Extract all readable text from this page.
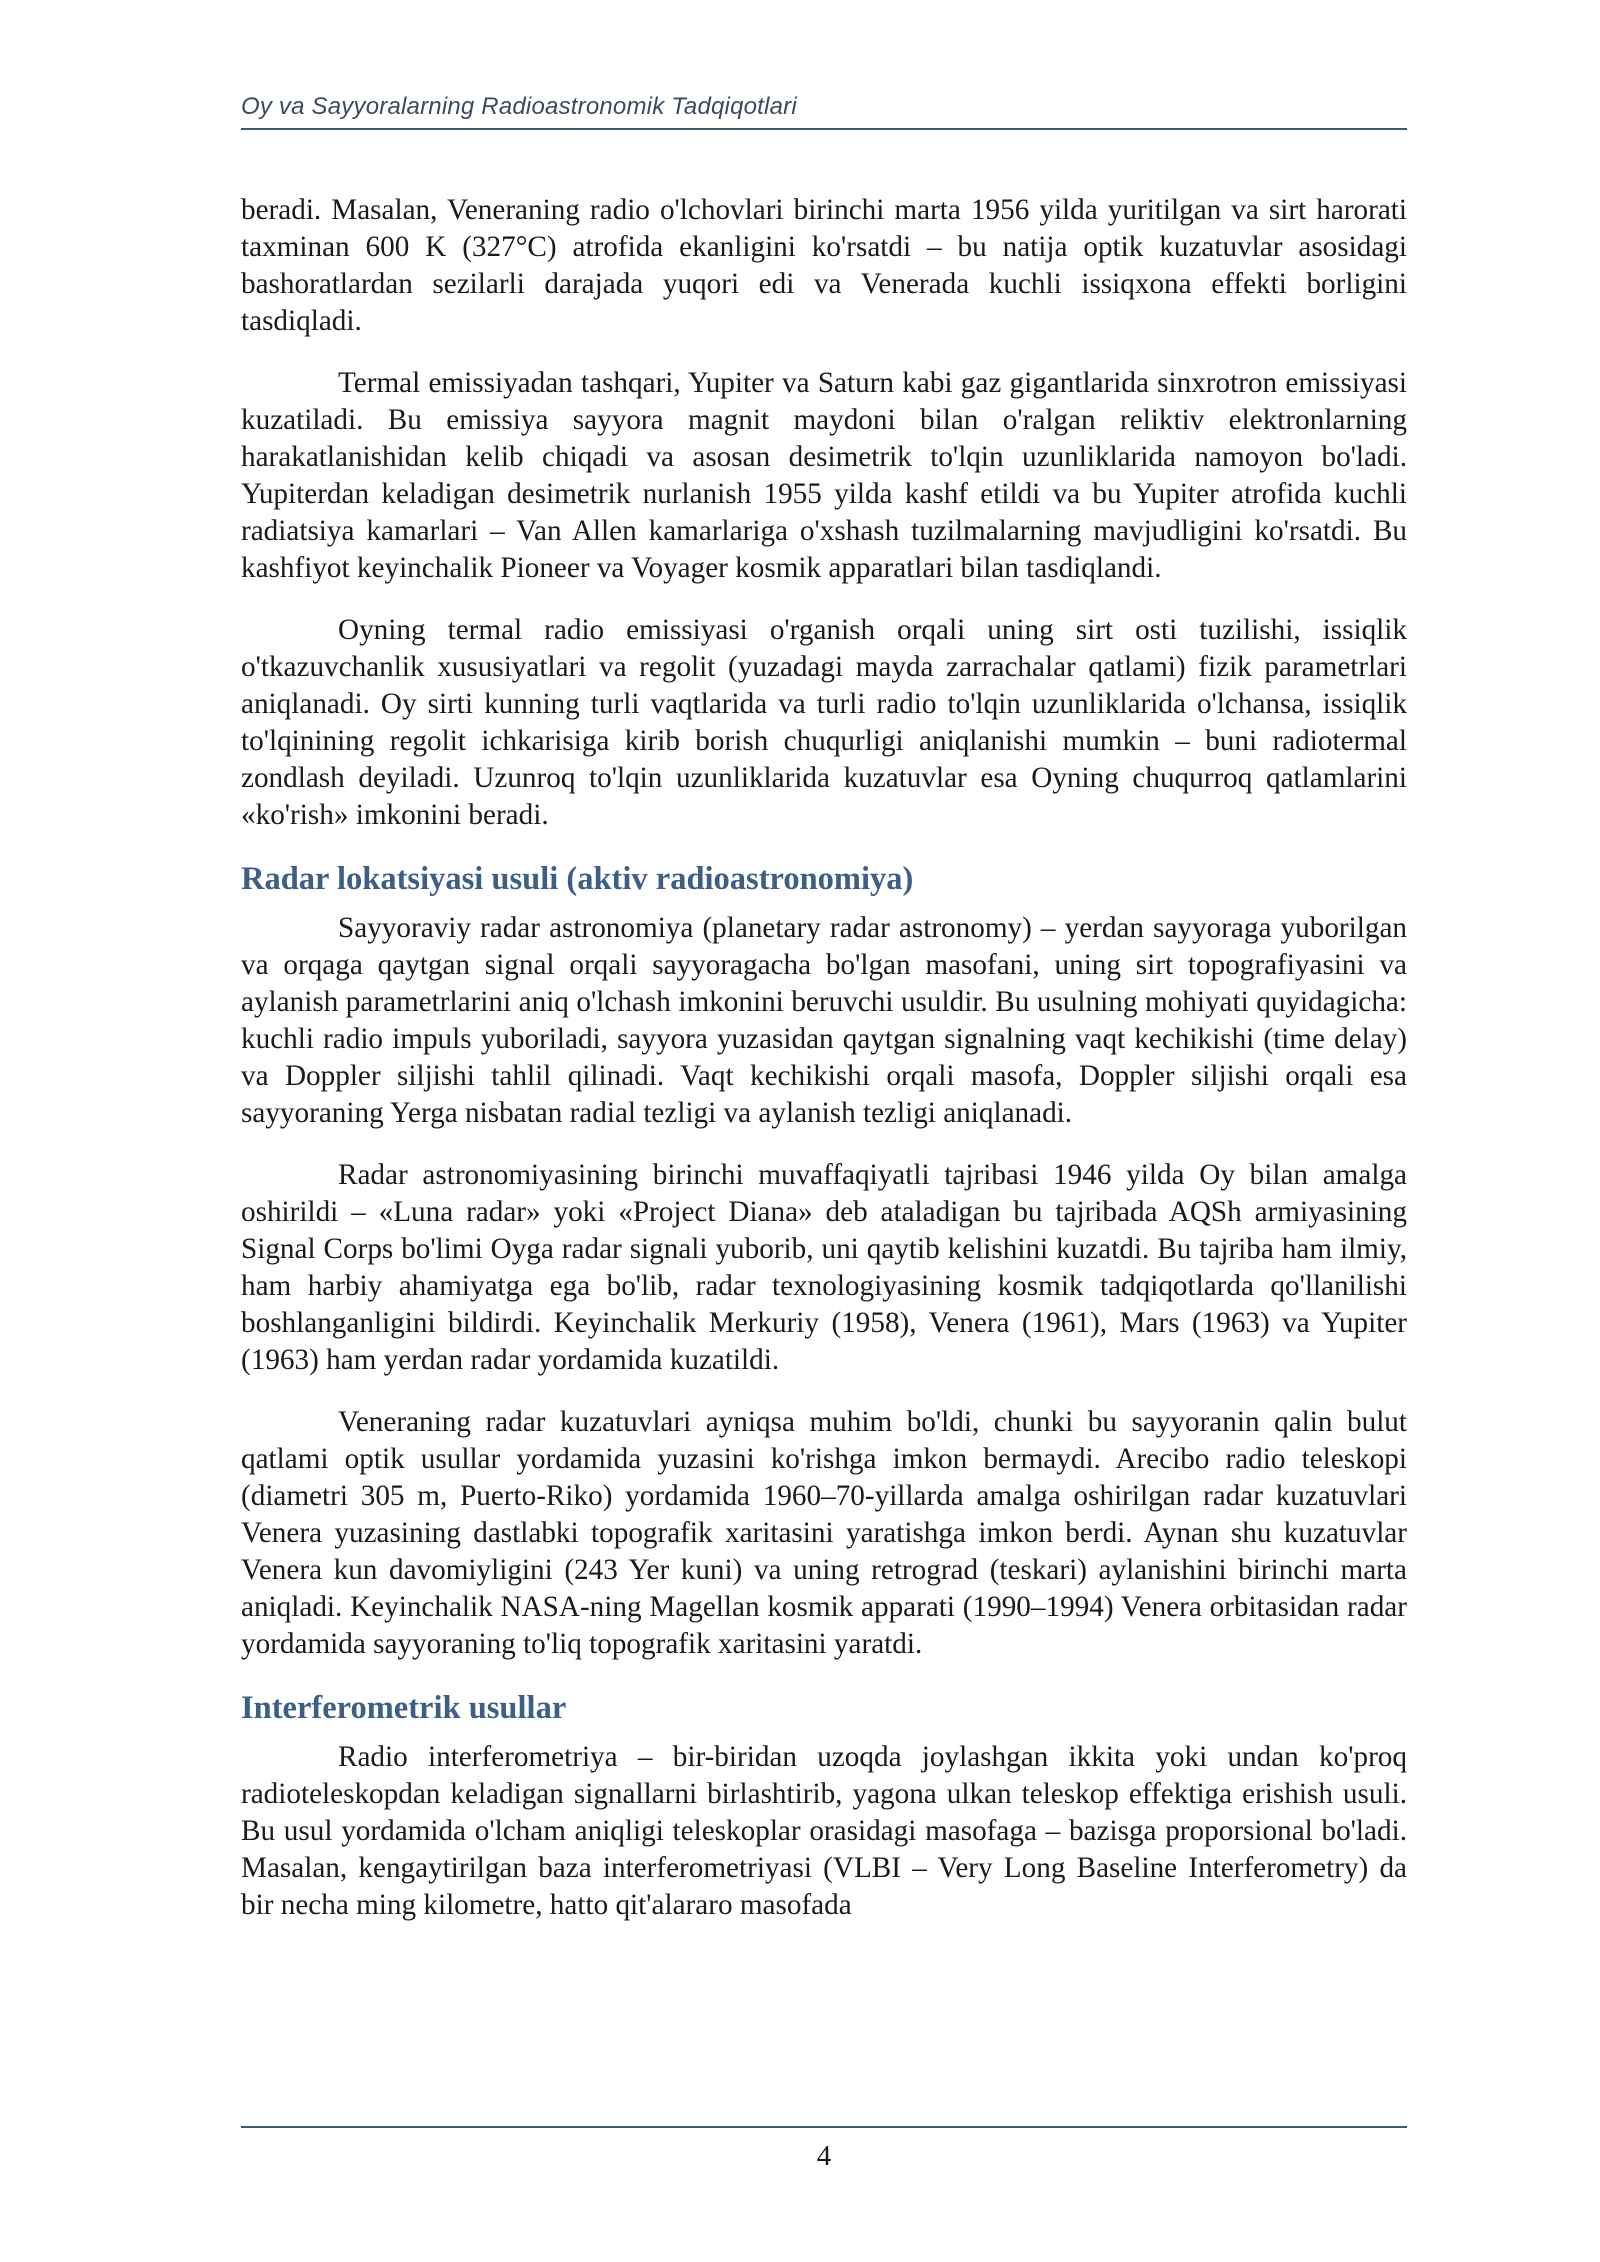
Oy va Sayyoralarning Radioastronomik Tadqiqotlari

beradi. Masalan, Veneraning radio o'lchovlari birinchi marta 1956 yilda yuritilgan va sirt harorati taxminan 600 K (327°C) atrofida ekanligini ko'rsatdi – bu natija optik kuzatuvlar asosidagi bashoratlardan sezilarli darajada yuqori edi va Venerada kuchli issiqxona effekti borligini tasdiqladi.

Termal emissiyadan tashqari, Yupiter va Saturn kabi gaz gigantlarida sinxrotron emissiyasi kuzatiladi. Bu emissiya sayyora magnit maydoni bilan o'ralgan reliktiv elektronlarning harakatlanishidan kelib chiqadi va asosan desimetrik to'lqin uzunliklarida namoyon bo'ladi. Yupiterdan keladigan desimetrik nurlanish 1955 yilda kashf etildi va bu Yupiter atrofida kuchli radiatsiya kamarlari – Van Allen kamarlariga o'xshash tuzilmalarning mavjudligini ko'rsatdi. Bu kashfiyot keyinchalik Pioneer va Voyager kosmik apparatlari bilan tasdiqlandi.

Oyning termal radio emissiyasi o'rganish orqali uning sirt osti tuzilishi, issiqlik o'tkazuvchanlik xususiyatlari va regolit (yuzadagi mayda zarrachalar qatlami) fizik parametrlari aniqlanadi. Oy sirti kunning turli vaqtlarida va turli radio to'lqin uzunliklarida o'lchansa, issiqlik to'lqinining regolit ichkarisiga kirib borish chuqurligi aniqlanishi mumkin – buni radiotermal zondlash deyiladi. Uzunroq to'lqin uzunliklarida kuzatuvlar esa Oyning chuqurroq qatlamlarini «ko'rish» imkonini beradi.

Radar lokatsiyasi usuli (aktiv radioastronomiya)

Sayyoraviy radar astronomiya (planetary radar astronomy) – yerdan sayyoraga yuborilgan va orqaga qaytgan signal orqali sayyoragacha bo'lgan masofani, uning sirt topografiyasini va aylanish parametrlarini aniq o'lchash imkonini beruvchi usuldir. Bu usulning mohiyati quyidagicha: kuchli radio impuls yuboriladi, sayyora yuzasidan qaytgan signalning vaqt kechikishi (time delay) va Doppler siljishi tahlil qilinadi. Vaqt kechikishi orqali masofa, Doppler siljishi orqali esa sayyoraning Yerga nisbatan radial tezligi va aylanish tezligi aniqlanadi.

Radar astronomiyasining birinchi muvaffaqiyatli tajribasi 1946 yilda Oy bilan amalga oshirildi – «Luna radar» yoki «Project Diana» deb ataladigan bu tajribada AQSh armiyasining Signal Corps bo'limi Oyga radar signali yuborib, uni qaytib kelishini kuzatdi. Bu tajriba ham ilmiy, ham harbiy ahamiyatga ega bo'lib, radar texnologiyasining kosmik tadqiqotlarda qo'llanilishi boshlanganligini bildirdi. Keyinchalik Merkuriy (1958), Venera (1961), Mars (1963) va Yupiter (1963) ham yerdan radar yordamida kuzatildi.

Veneraning radar kuzatuvlari ayniqsa muhim bo'ldi, chunki bu sayyoranin qalin bulut qatlami optik usullar yordamida yuzasini ko'rishga imkon bermaydi. Arecibo radio teleskopi (diametri 305 m, Puerto-Riko) yordamida 1960–70-yillarda amalga oshirilgan radar kuzatuvlari Venera yuzasining dastlabki topografik xaritasini yaratishga imkon berdi. Aynan shu kuzatuvlar Venera kun davomiyligini (243 Yer kuni) va uning retrograd (teskari) aylanishini birinchi marta aniqladi. Keyinchalik NASA-ning Magellan kosmik apparati (1990–1994) Venera orbitasidan radar yordamida sayyoraning to'liq topografik xaritasini yaratdi.

Interferometrik usullar

Radio interferometriya – bir-biridan uzoqda joylashgan ikkita yoki undan ko'proq radioteleskopdan keladigan signallarni birlashtirib, yagona ulkan teleskop effektiga erishish usuli. Bu usul yordamida o'lcham aniqligi teleskoplar orasidagi masofaga – bazisga proporsional bo'ladi. Masalan, kengaytirilgan baza interferometriyasi (VLBI – Very Long Baseline Interferometry) da bir necha ming kilometre, hatto qit'alararo masofada

4
